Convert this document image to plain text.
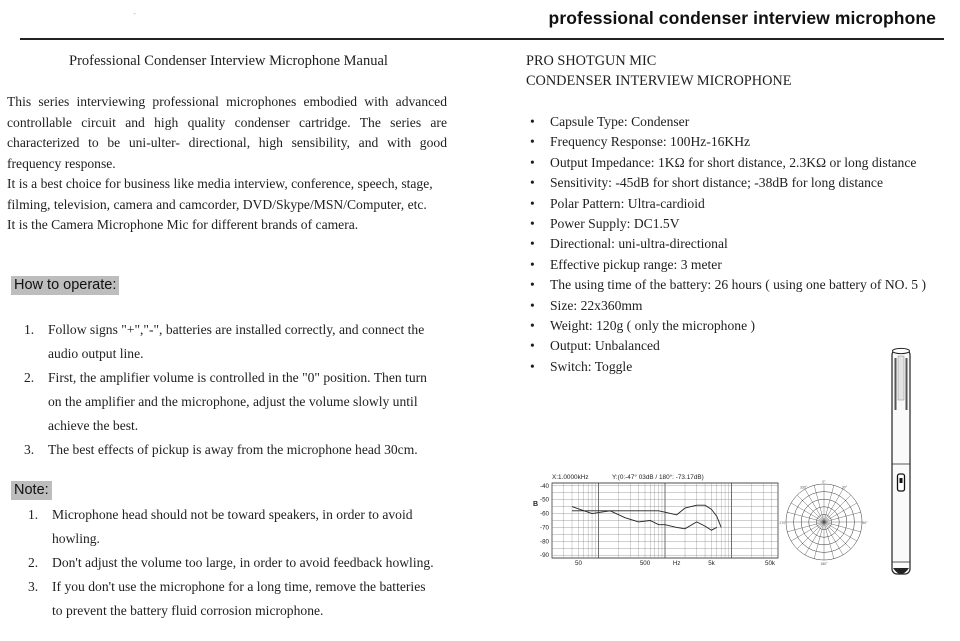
professional condenser interview microphone
-
Professional Condenser Interview Microphone Manual

This series interviewing professional microphones embodied with advanced controllable circuit and high quality condenser cartridge. The series are characterized to be uni-ulter- directional, high sensibility, and with good frequency response.

It is a best choice for business like media interview, conference, speech, stage, filming, television, camera and camcorder, DVD/Skype/MSN/Computer, etc.

It is the Camera Microphone Mic for different brands of camera.

How to operate:
1. Follow signs "+","-", batteries are installed correctly, and connect the audio output line.
2. First, the amplifier volume is controlled in the "0" position. Then turn on the amplifier and the microphone, adjust the volume slowly until achieve the best.
3. The best effects of pickup is away from the microphone head 30cm.
Note:
1. Microphone head should not be toward speakers, in order to avoid howling.
2. Don't adjust the volume too large, in order to avoid feedback howling.
3. If you don't use the microphone for a long time, remove the batteries to prevent the battery fluid corrosion microphone.
PRO SHOTGUN MIC
CONDENSER INTERVIEW MICROPHONE
• Capsule Type: Condenser
• Frequency Response: 100Hz-16KHz
• Output Impedance: 1KΩ for short distance, 2.3KΩ or long distance
• Sensitivity: -45dB for short distance; -38dB for long distance
• Polar Pattern: Ultra-cardioid
• Power Supply: DC1.5V
• Directional: uni-ultra-directional
• Effective pickup range: 3 meter
• The using time of the battery: 26 hours ( using one battery of NO. 5 )
• Size: 22x360mm
• Weight: 120g ( only the microphone )
• Output: Unbalanced
• Switch: Toggle
X:1.0000kHz	Y:(0:-47° 03dB / 180°: -73.17dB)
B
-40
-50
-60
-70
-80
-90
50	500	Hz	5k	50k
0°
30°
330°
90°
270°
180°
